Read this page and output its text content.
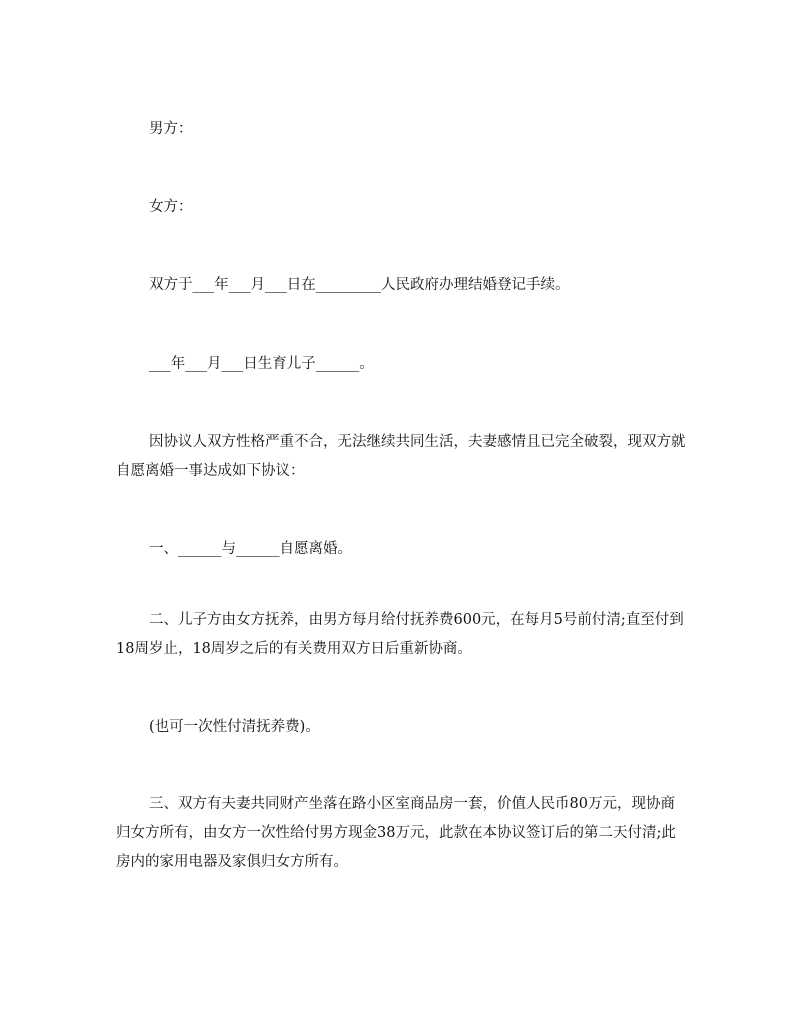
男方：

女方：

双方于___年___月___日在_________人民政府办理结婚登记手续。

___年___月___日生育儿子______。

因协议人双方性格严重不合，无法继续共同生活，夫妻感情且已完全破裂，现双方就自愿离婚一事达成如下协议：

一、______与______自愿离婚。

二、儿子方由女方抚养，由男方每月给付抚养费600元，在每月5号前付清;直至付到18周岁止，18周岁之后的有关费用双方日后重新协商。

(也可一次性付清抚养费)。

三、双方有夫妻共同财产坐落在路小区室商品房一套，价值人民币80万元，现协商归女方所有，由女方一次性给付男方现金38万元，此款在本协议签订后的第二天付清;此房内的家用电器及家俱归女方所有。
